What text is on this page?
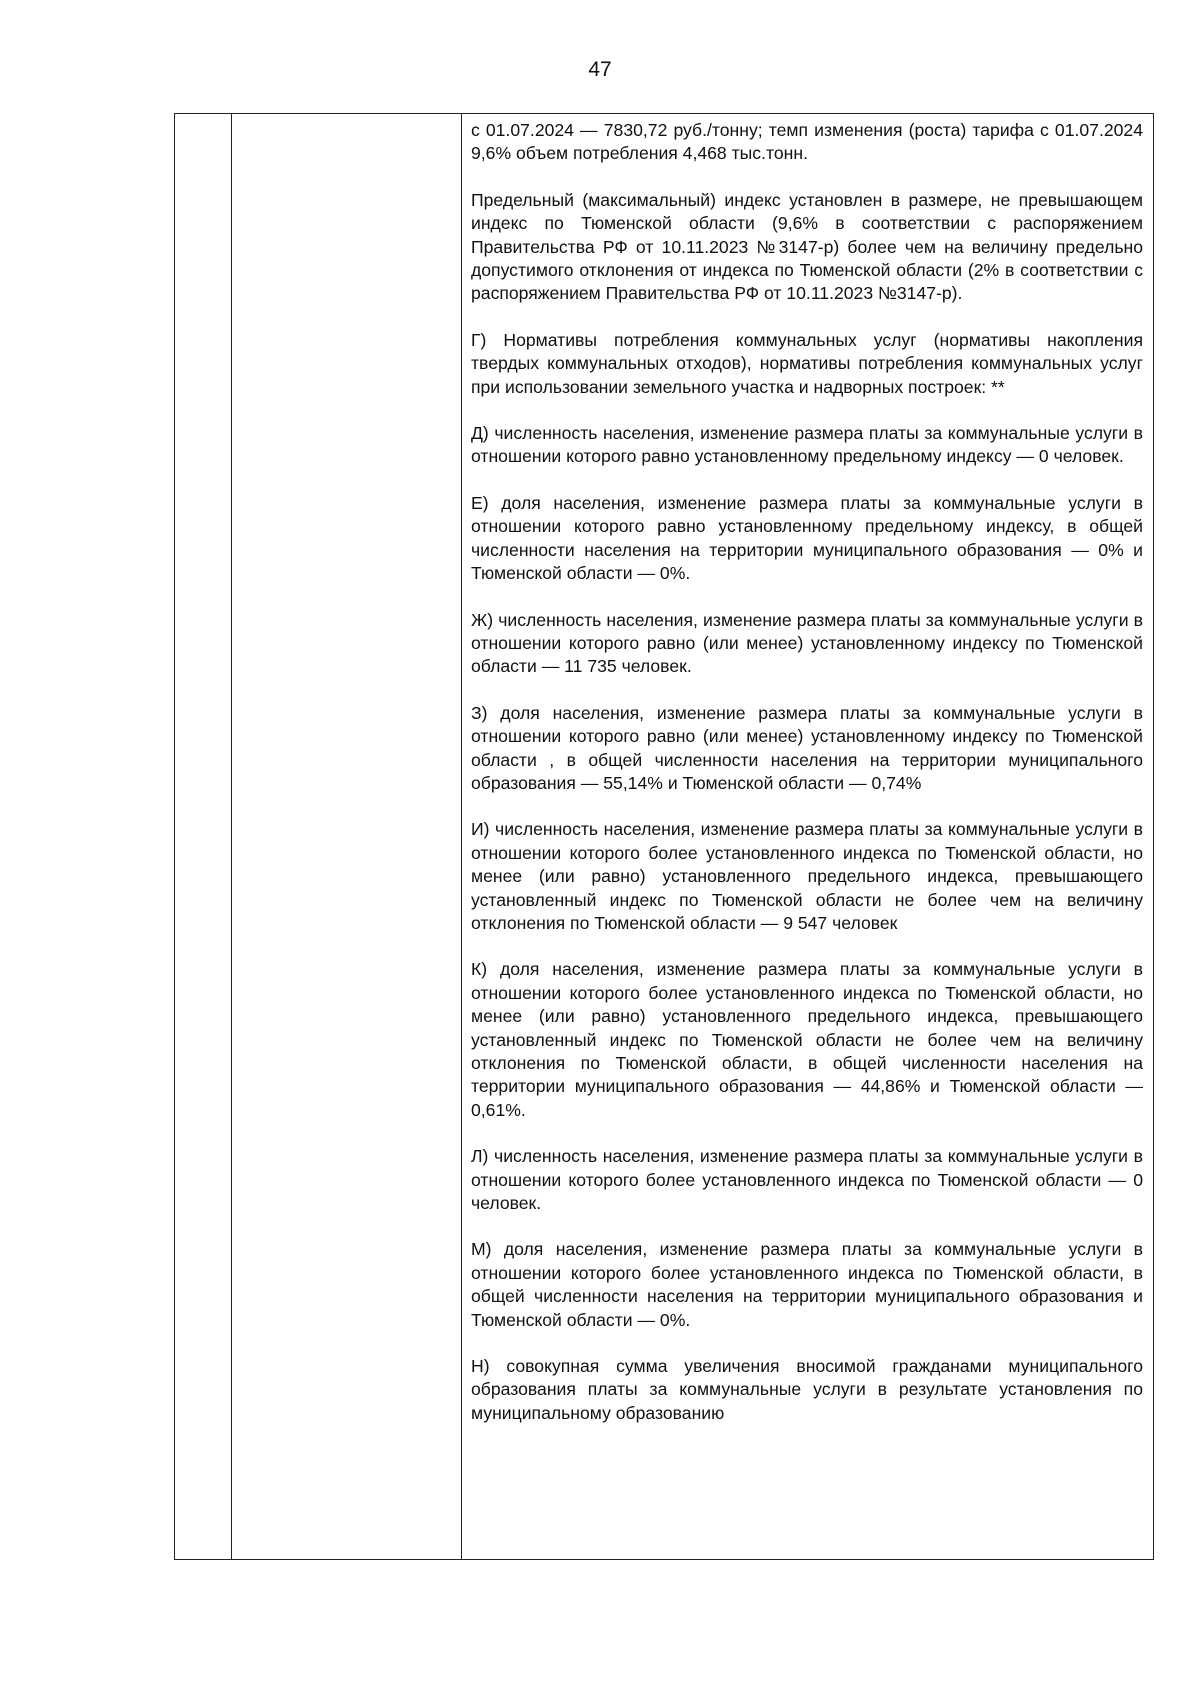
47

с 01.07.2024 — 7830,72 руб./тонну; темп изменения (роста) тарифа с 01.07.2024 9,6% объем потребления 4,468 тыс.тонн.

Предельный (максимальный) индекс установлен в размере, не превышающем индекс по Тюменской области (9,6% в соответствии с распоряжением Правительства РФ от 10.11.2023 №3147-р) более чем на величину предельно допустимого отклонения от индекса по Тюменской области (2% в соответствии с распоряжением Правительства РФ от 10.11.2023 №3147-р).

Г) Нормативы потребления коммунальных услуг (нормативы накопления твердых коммунальных отходов), нормативы потребления коммунальных услуг при использовании земельного участка и надворных построек: **

Д) численность населения, изменение размера платы за коммунальные услуги в отношении которого равно установленному предельному индексу — 0 человек.

Е) доля населения, изменение размера платы за коммунальные услуги в отношении которого равно установленному предельному индексу, в общей численности населения на территории муниципального образования — 0% и Тюменской области — 0%.

Ж) численность населения, изменение размера платы за коммунальные услуги в отношении которого равно (или менее) установленному индексу по Тюменской области — 11 735 человек.

З) доля населения, изменение размера платы за коммунальные услуги в отношении которого равно (или менее) установленному индексу по Тюменской области , в общей численности населения на территории муниципального образования — 55,14% и Тюменской области — 0,74%

И) численность населения, изменение размера платы за коммунальные услуги в отношении которого более установленного индекса по Тюменской области, но менее (или равно) установленного предельного индекса, превышающего установленный индекс по Тюменской области не более чем на величину отклонения по Тюменской области — 9 547 человек

К) доля населения, изменение размера платы за коммунальные услуги в отношении которого более установленного индекса по Тюменской области, но менее (или равно) установленного предельного индекса, превышающего установленный индекс по Тюменской области не более чем на величину отклонения по Тюменской области, в общей численности населения на территории муниципального образования — 44,86% и Тюменской области — 0,61%.

Л) численность населения, изменение размера платы за коммунальные услуги в отношении которого более установленного индекса по Тюменской области — 0 человек.

М) доля населения, изменение размера платы за коммунальные услуги в отношении которого более установленного индекса по Тюменской области, в общей численности населения на территории муниципального образования и Тюменской области — 0%.

Н) совокупная сумма увеличения вносимой гражданами муниципального образования платы за коммунальные услуги в результате установления по муниципальному образованию
